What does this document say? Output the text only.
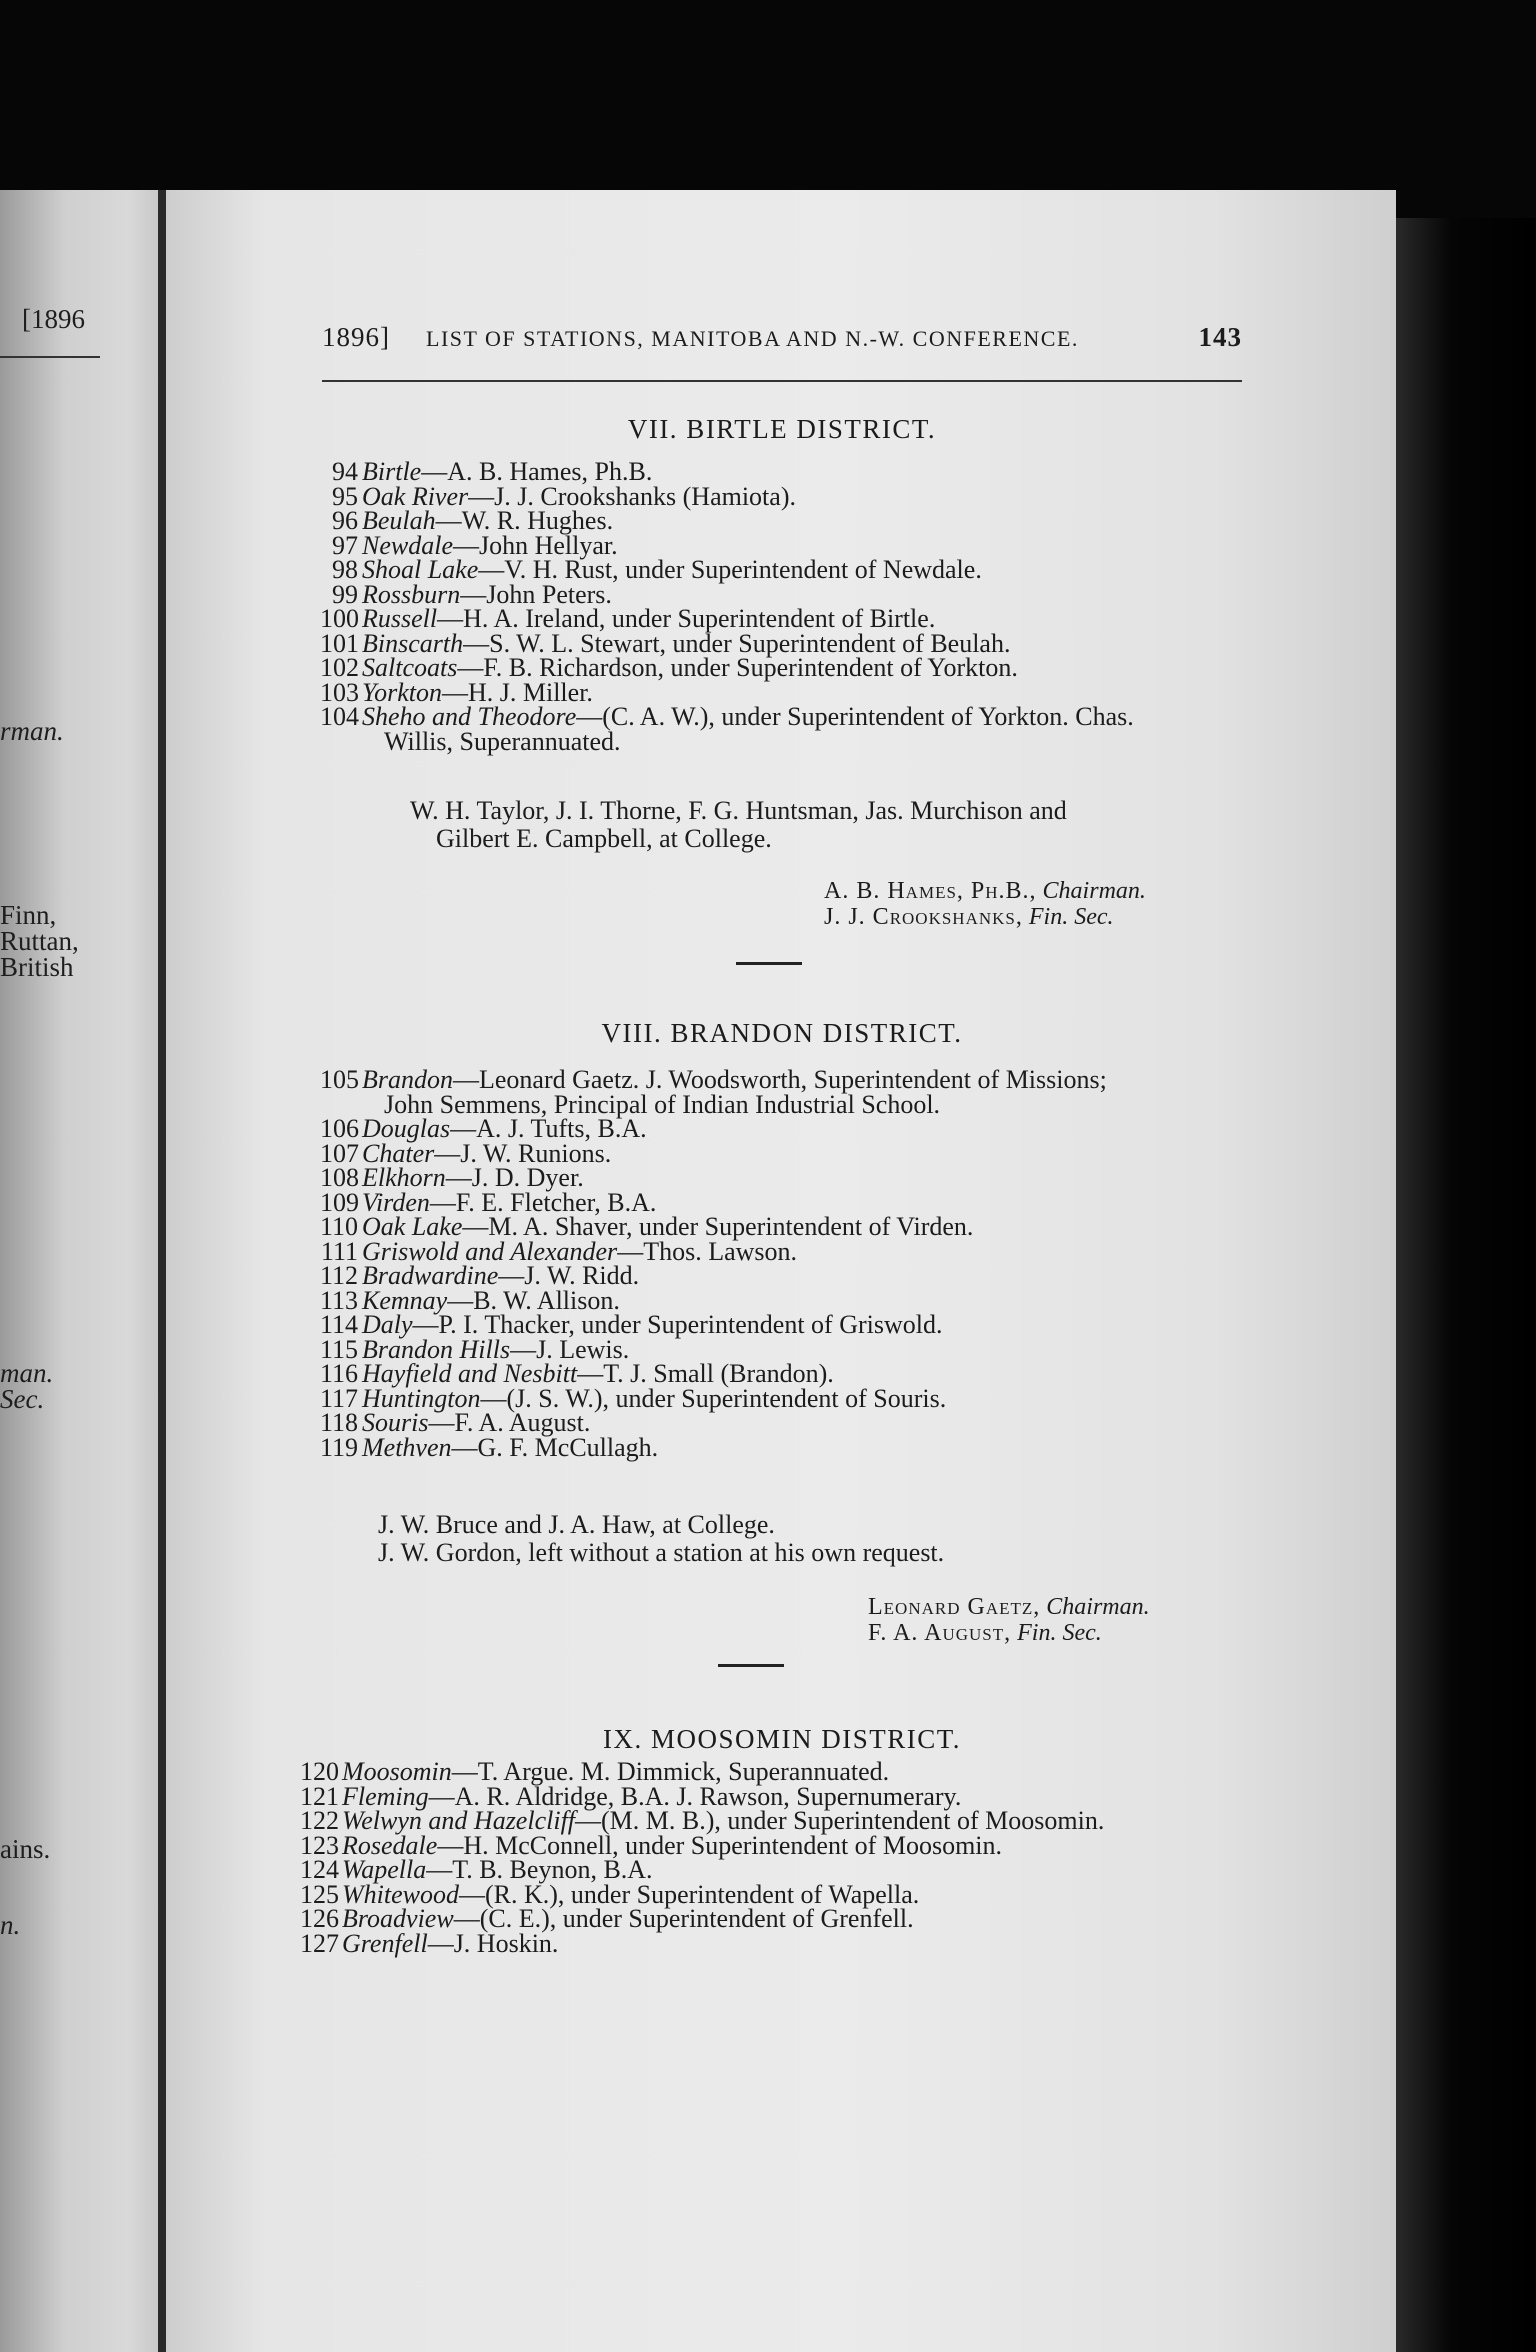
[1896
rman.
Finn,
Ruttan,
British
man.
Sec.
ains.
n.
1896] LIST OF STATIONS, MANITOBA AND N.-W. CONFERENCE.	143
VII. BIRTLE DISTRICT.
94 Birtle—A. B. Hames, Ph.B.
95 Oak River—J. J. Crookshanks (Hamiota).
96 Beulah—W. R. Hughes.
97 Newdale—John Hellyar.
98 Shoal Lake—V. H. Rust, under Superintendent of Newdale.
99 Rossburn—John Peters.
100 Russell—H. A. Ireland, under Superintendent of Birtle.
101 Binscarth—S. W. L. Stewart, under Superintendent of Beulah.
102 Saltcoats—F. B. Richardson, under Superintendent of Yorkton.
103 Yorkton—H. J. Miller.
104 Sheho and Theodore—(C. A. W.), under Superintendent of Yorkton. Chas.
Willis, Superannuated.
W. H. Taylor, J. I. Thorne, F. G. Huntsman, Jas. Murchison and
Gilbert E. Campbell, at College.
A. B. Hames, Ph.B., Chairman.
J. J. Crookshanks, Fin. Sec.
VIII. BRANDON DISTRICT.
105 Brandon—Leonard Gaetz. J. Woodsworth, Superintendent of Missions;
John Semmens, Principal of Indian Industrial School.
106 Douglas—A. J. Tufts, B.A.
107 Chater—J. W. Runions.
108 Elkhorn—J. D. Dyer.
109 Virden—F. E. Fletcher, B.A.
110 Oak Lake—M. A. Shaver, under Superintendent of Virden.
111 Griswold and Alexander—Thos. Lawson.
112 Bradwardine—J. W. Ridd.
113 Kemnay—B. W. Allison.
114 Daly—P. I. Thacker, under Superintendent of Griswold.
115 Brandon Hills—J. Lewis.
116 Hayfield and Nesbitt—T. J. Small (Brandon).
117 Huntington—(J. S. W.), under Superintendent of Souris.
118 Souris—F. A. August.
119 Methven—G. F. McCullagh.
J. W. Bruce and J. A. Haw, at College.
J. W. Gordon, left without a station at his own request.
Leonard Gaetz, Chairman.
F. A. August, Fin. Sec.
IX. MOOSOMIN DISTRICT.
120 Moosomin—T. Argue. M. Dimmick, Superannuated.
121 Fleming—A. R. Aldridge, B.A. J. Rawson, Supernumerary.
122 Welwyn and Hazelcliff—(M. M. B.), under Superintendent of Moosomin.
123 Rosedale—H. McConnell, under Superintendent of Moosomin.
124 Wapella—T. B. Beynon, B.A.
125 Whitewood—(R. K.), under Superintendent of Wapella.
126 Broadview—(C. E.), under Superintendent of Grenfell.
127 Grenfell—J. Hoskin.
